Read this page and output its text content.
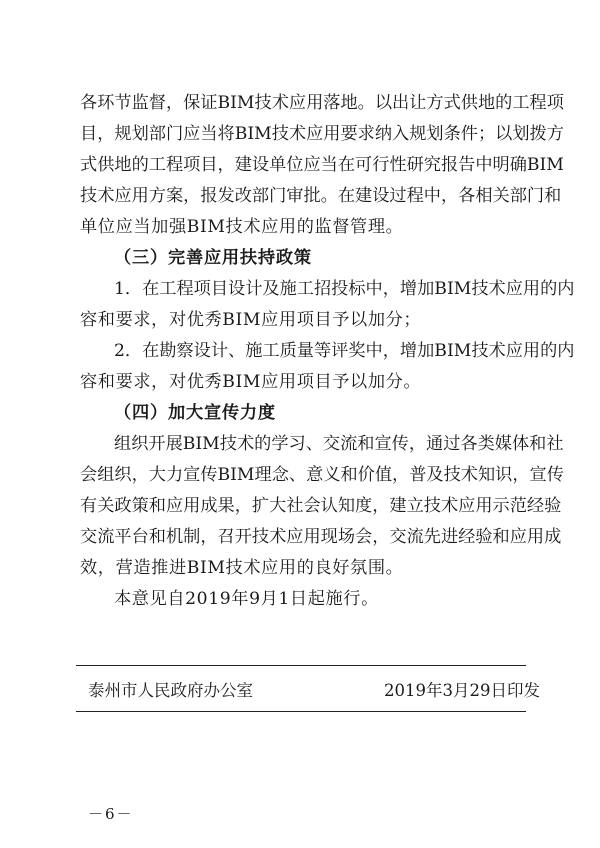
各环节监督，保证BIM技术应用落地。以出让方式供地的工程项
目，规划部门应当将BIM技术应用要求纳入规划条件；以划拨方
式供地的工程项目，建设单位应当在可行性研究报告中明确BIM
技术应用方案，报发改部门审批。在建设过程中，各相关部门和
单位应当加强BIM技术应用的监督管理。
（三）完善应用扶持政策
1．在工程项目设计及施工招投标中，增加BIM技术应用的内
容和要求，对优秀BIM应用项目予以加分；
2．在勘察设计、施工质量等评奖中，增加BIM技术应用的内
容和要求，对优秀BIM应用项目予以加分。
（四）加大宣传力度
组织开展BIM技术的学习、交流和宣传，通过各类媒体和社
会组织，大力宣传BIM理念、意义和价值，普及技术知识，宣传
有关政策和应用成果，扩大社会认知度，建立技术应用示范经验
交流平台和机制，召开技术应用现场会，交流先进经验和应用成
效，营造推进BIM技术应用的良好氛围。
本意见自2019年9月1日起施行。
泰州市人民政府办公室	2019年3月29日印发
－6－
